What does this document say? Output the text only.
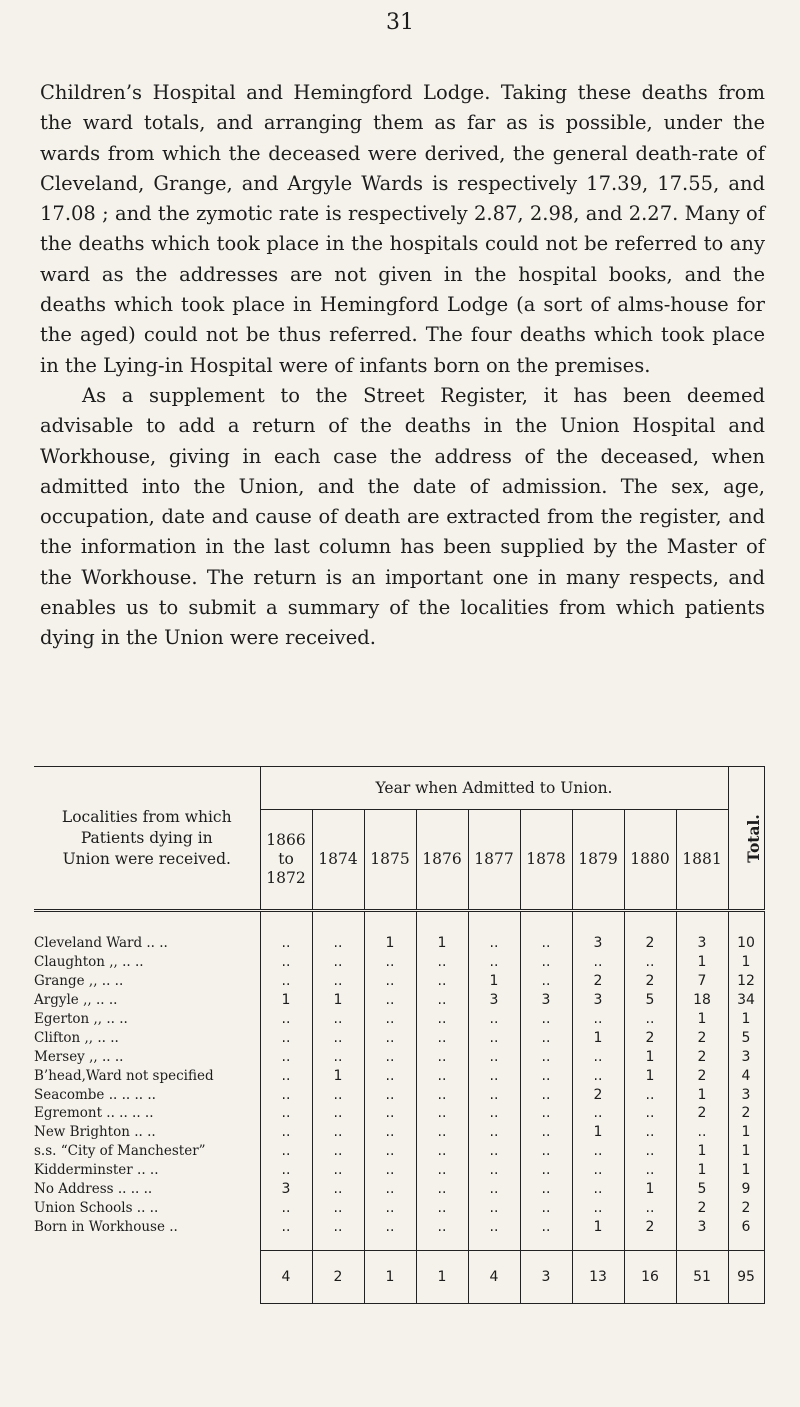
31

Children’s Hospital and Hemingford Lodge. Taking these deaths from the ward totals, and arranging them as far as is possible, under the wards from which the deceased were derived, the general death-rate of Cleveland, Grange, and Argyle Wards is respectively 17.39, 17.55, and 17.08 ; and the zymotic rate is respectively 2.87, 2.98, and 2.27. Many of the deaths which took place in the hospitals could not be referred to any ward as the addresses are not given in the hospital books, and the deaths which took place in Hemingford Lodge (a sort of alms-house for the aged) could not be thus referred. The four deaths which took place in the Lying-in Hospital were of infants born on the premises.

As a supplement to the Street Register, it has been deemed advisable to add a return of the deaths in the Union Hospital and Workhouse, giving in each case the address of the deceased, when admitted into the Union, and the date of admission. The sex, age, occupation, date and cause of death are extracted from the register, and the information in the last column has been supplied by the Master of the Workhouse. The return is an important one in many respects, and enables us to submit a summary of the localities from which patients dying in the Union were received.

Localities from which
Patients dying in
Union were received.	Year when Admitted to Union.									Total.

	1866
to
1872	1874	1875	1876	1877	1878	1879	1880	1881	

Cleveland Ward .. ..	..	..	1	1	..	..	3	2	3	10
Claughton ,, .. ..	..	..	..	..	..	..	..	..	1	1
Grange ,, .. ..	..	..	..	..	1	..	2	2	7	12
Argyle ,, .. ..	1	1	..	..	3	3	3	5	18	34
Egerton ,, .. ..	..	..	..	..	..	..	..	..	1	1
Clifton ,, .. ..	..	..	..	..	..	..	1	2	2	5
Mersey ,, .. ..	..	..	..	..	..	..	..	1	2	3
B’head,Ward not specified	..	1	..	..	..	..	..	1	2	4
Seacombe .. .. .. ..	..	..	..	..	..	..	2	..	1	3
Egremont .. .. .. ..	..	..	..	..	..	..	..	..	2	2
New Brighton .. ..	..	..	..	..	..	..	1	..	..	1
s.s. “City of Manchester”	..	..	..	..	..	..	..	..	1	1
Kidderminster .. ..	..	..	..	..	..	..	..	..	1	1
No Address .. .. ..	3	..	..	..	..	..	..	1	5	9
Union Schools .. ..	..	..	..	..	..	..	..	..	2	2
Born in Workhouse ..	..	..	..	..	..	..	1	2	3	6

	4	2	1	1	4	3	13	16	51	95
